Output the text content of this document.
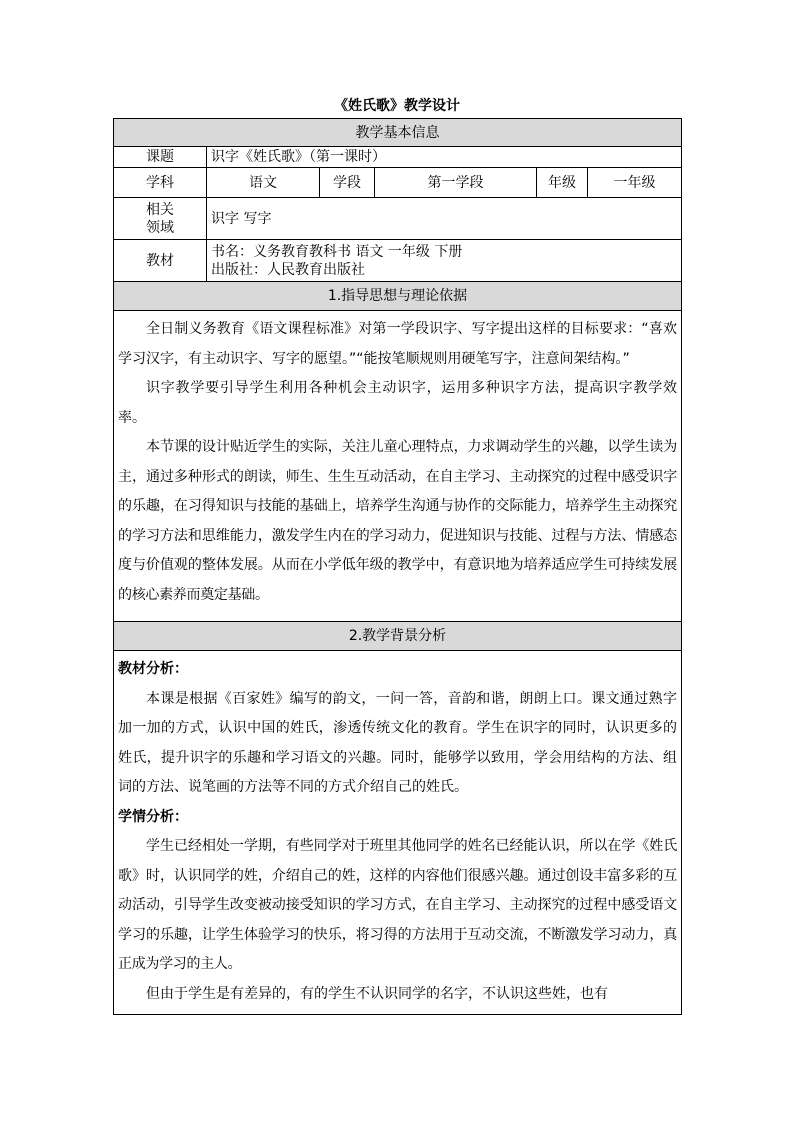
《姓氏歌》教学设计
教学基本信息					
课题	识字《姓氏歌》（第一课时）				
学科	语文	学段	第一学段	年级	一年级

相关
领域	识字 写字				
教材	书名：义务教育教科书 语文 一年级 下册
出版社：人民教育出版社				

1.指导思想与理论依据					

全日制义务教育《语文课程标准》对第一学段识字、写字提出这样的目标要求：“喜欢学习汉字，有主动识字、写字的愿望。”“能按笔顺规则用硬笔写字，注意间架结构。”

识字教学要引导学生利用各种机会主动识字，运用多种识字方法，提高识字教学效率。

本节课的设计贴近学生的实际，关注儿童心理特点，力求调动学生的兴趣，以学生读为主，通过多种形式的朗读，师生、生生互动活动，在自主学习、主动探究的过程中感受识字的乐趣，在习得知识与技能的基础上，培养学生沟通与协作的交际能力，培养学生主动探究的学习方法和思维能力，激发学生内在的学习动力，促进知识与技能、过程与方法、情感态度与价值观的整体发展。从而在小学低年级的教学中，有意识地为培养适应学生可持续发展的核心素养而奠定基础。					

2.教学背景分析					

教材分析：

本课是根据《百家姓》编写的韵文，一问一答，音韵和谐，朗朗上口。课文通过熟字加一加的方式，认识中国的姓氏，渗透传统文化的教育。学生在识字的同时，认识更多的姓氏，提升识字的乐趣和学习语文的兴趣。同时，能够学以致用，学会用结构的方法、组词的方法、说笔画的方法等不同的方式介绍自己的姓氏。

学情分析：

学生已经相处一学期，有些同学对于班里其他同学的姓名已经能认识，所以在学《姓氏歌》时，认识同学的姓，介绍自己的姓，这样的内容他们很感兴趣。通过创设丰富多彩的互动活动，引导学生改变被动接受知识的学习方式，在自主学习、主动探究的过程中感受语文学习的乐趣，让学生体验学习的快乐，将习得的方法用于互动交流，不断激发学习动力，真正成为学习的主人。

但由于学生是有差异的，有的学生不认识同学的名字，不认识这些姓，也有					
